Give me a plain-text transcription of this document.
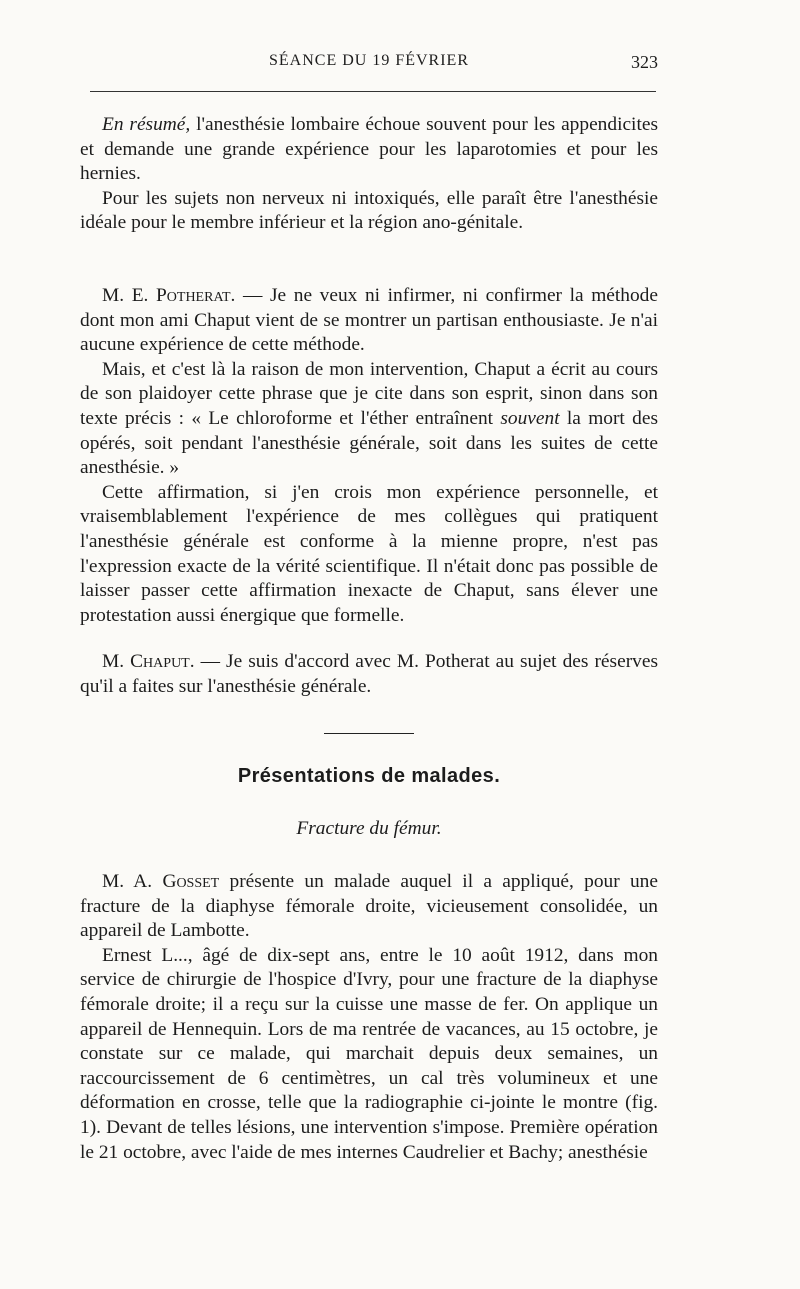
SÉANCE DU 19 FÉVRIER	323

En résumé, l'anesthésie lombaire échoue souvent pour les appendicites et demande une grande expérience pour les laparotomies et pour les hernies.

Pour les sujets non nerveux ni intoxiqués, elle paraît être l'anesthésie idéale pour le membre inférieur et la région ano-génitale.

M. E. Potherat. — Je ne veux ni infirmer, ni confirmer la méthode dont mon ami Chaput vient de se montrer un partisan enthousiaste. Je n'ai aucune expérience de cette méthode.

Mais, et c'est là la raison de mon intervention, Chaput a écrit au cours de son plaidoyer cette phrase que je cite dans son esprit, sinon dans son texte précis : « Le chloroforme et l'éther entraînent souvent la mort des opérés, soit pendant l'anesthésie générale, soit dans les suites de cette anesthésie. »

Cette affirmation, si j'en crois mon expérience personnelle, et vraisemblablement l'expérience de mes collègues qui pratiquent l'anesthésie générale est conforme à la mienne propre, n'est pas l'expression exacte de la vérité scientifique. Il n'était donc pas possible de laisser passer cette affirmation inexacte de Chaput, sans élever une protestation aussi énergique que formelle.

M. Chaput. — Je suis d'accord avec M. Potherat au sujet des réserves qu'il a faites sur l'anesthésie générale.

Présentations de malades.
Fracture du fémur.

M. A. Gosset présente un malade auquel il a appliqué, pour une fracture de la diaphyse fémorale droite, vicieusement consolidée, un appareil de Lambotte.

Ernest L..., âgé de dix-sept ans, entre le 10 août 1912, dans mon service de chirurgie de l'hospice d'Ivry, pour une fracture de la diaphyse fémorale droite; il a reçu sur la cuisse une masse de fer. On applique un appareil de Hennequin. Lors de ma rentrée de vacances, au 15 octobre, je constate sur ce malade, qui marchait depuis deux semaines, un raccourcissement de 6 centimètres, un cal très volumineux et une déformation en crosse, telle que la radiographie ci-jointe le montre (fig. 1). Devant de telles lésions, une intervention s'impose. Première opération le 21 octobre, avec l'aide de mes internes Caudrelier et Bachy; anesthésie
